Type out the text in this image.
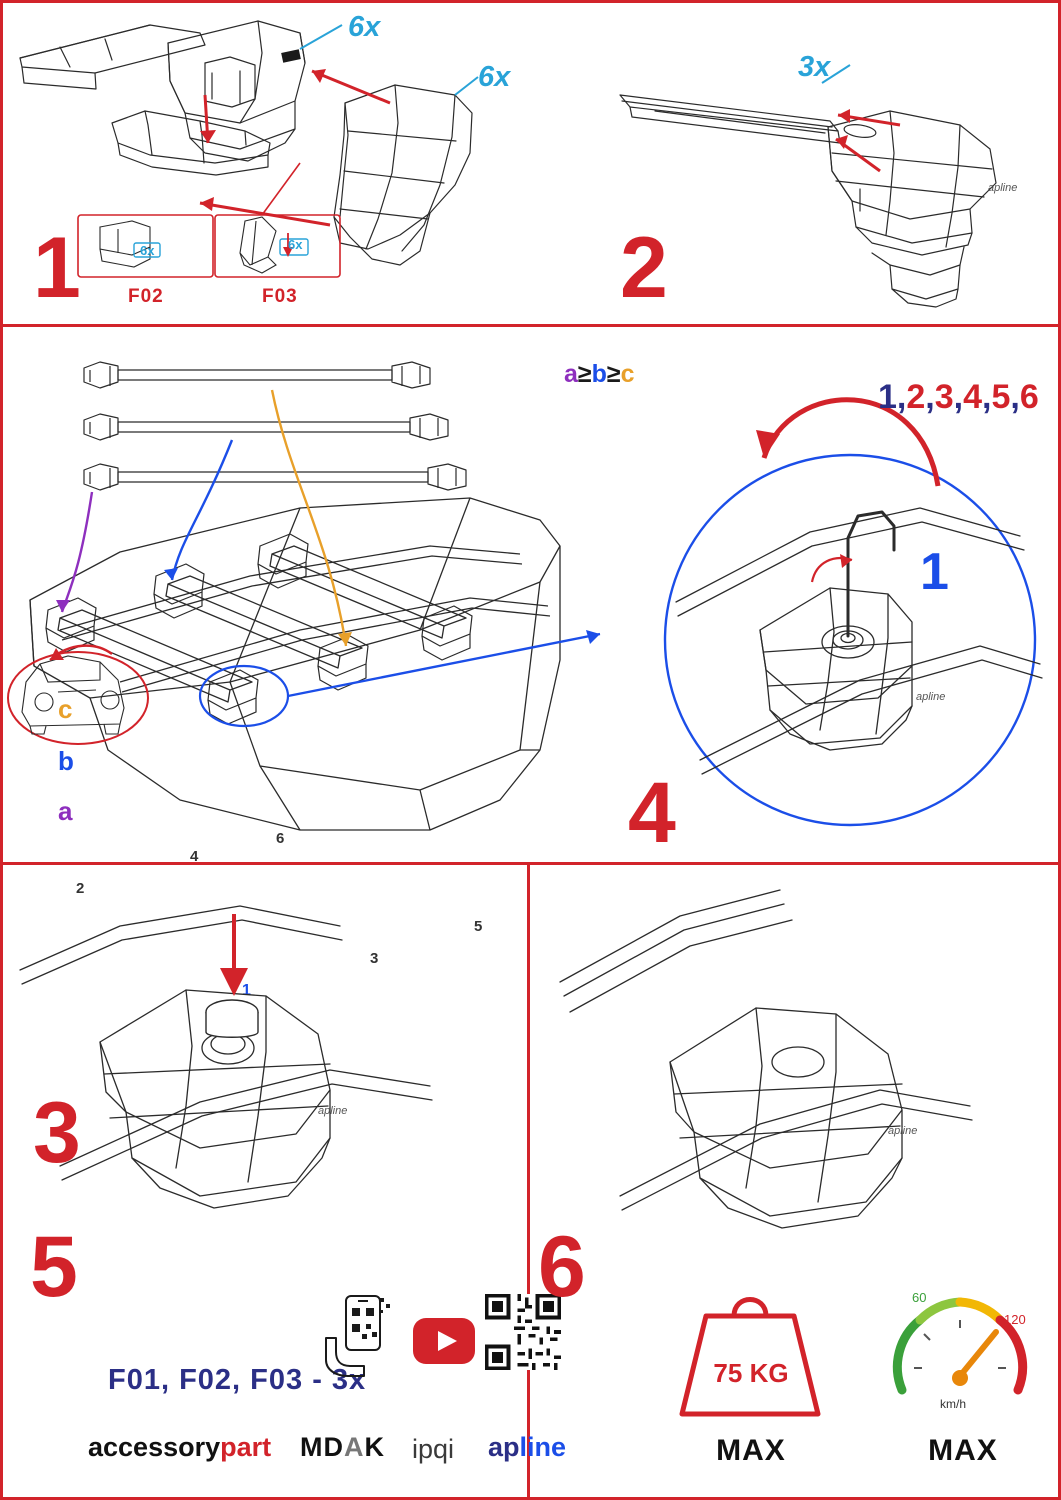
6x
6x
6x	6x
F02	F03
1
apline
3x
2
c
b
a
1
2
3
4
5
6
3
a≥b≥c
apline
1
4
1,2,3,4,5,6
apline
5
F01, F02, F03 - 3x
accessorypart MDAK ipqi apline
apline
6
75 KG
MAX
60
120
km/h
MAX
